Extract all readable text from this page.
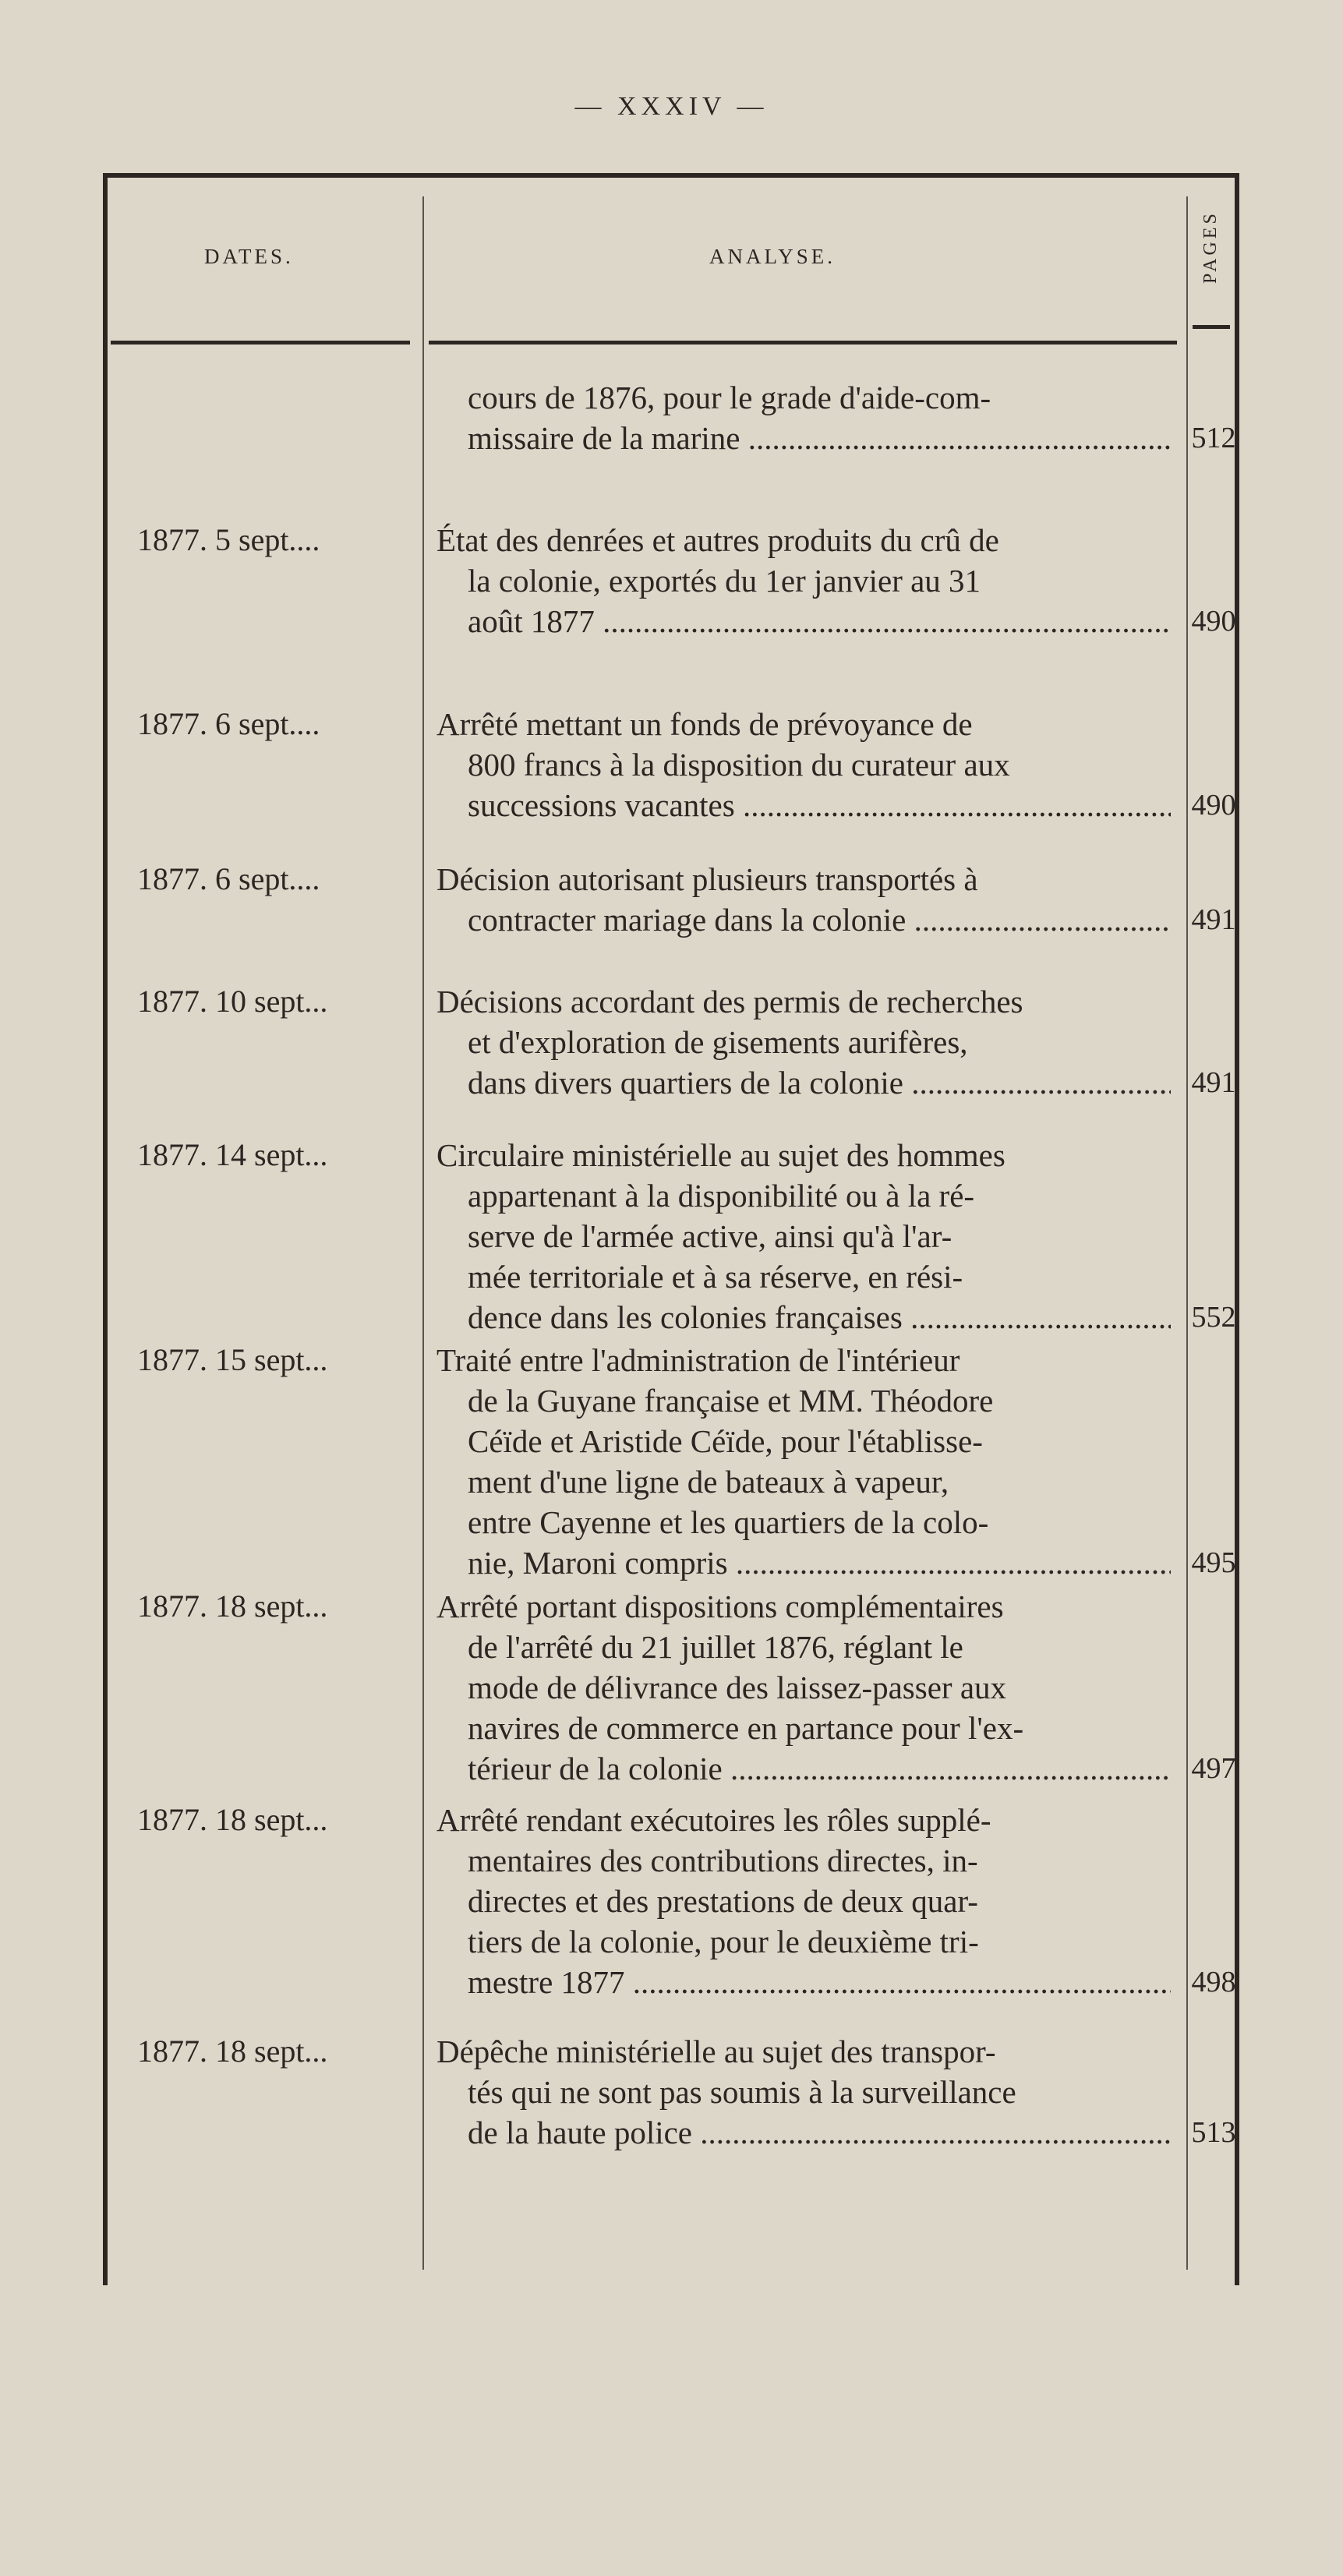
— XXXIV —
DATES.	ANALYSE.	PAGES
cours de 1876, pour le grade d'aide-com-
missaire de la marine .....	512
1877. 5 sept....	État des denrées et autres produits du crû de
la colonie, exportés du 1er janvier au 31
août 1877 .....	490
1877. 6 sept....	Arrêté mettant un fonds de prévoyance de
800 francs à la disposition du curateur aux
successions vacantes .....	490
1877. 6 sept....	Décision autorisant plusieurs transportés à
contracter mariage dans la colonie .....	491
1877. 10 sept...	Décisions accordant des permis de recherches
et d'exploration de gisements aurifères,
dans divers quartiers de la colonie .....	491
1877. 14 sept...	Circulaire ministérielle au sujet des hommes
appartenant à la disponibilité ou à la ré-
serve de l'armée active, ainsi qu'à l'ar-
mée territoriale et à sa réserve, en rési-
dence dans les colonies françaises .....	552
1877. 15 sept...	Traité entre l'administration de l'intérieur
de la Guyane française et MM. Théodore
Céïde et Aristide Céïde, pour l'établisse-
ment d'une ligne de bateaux à vapeur,
entre Cayenne et les quartiers de la colo-
nie, Maroni compris .....	495
1877. 18 sept...	Arrêté portant dispositions complémentaires
de l'arrêté du 21 juillet 1876, réglant le
mode de délivrance des laissez-passer aux
navires de commerce en partance pour l'ex-
térieur de la colonie .....	497
1877. 18 sept...	Arrêté rendant exécutoires les rôles supplé-
mentaires des contributions directes, in-
directes et des prestations de deux quar-
tiers de la colonie, pour le deuxième tri-
mestre 1877 .....	498
1877. 18 sept...	Dépêche ministérielle au sujet des transpor-
tés qui ne sont pas soumis à la surveillance
de la haute police .....	513
